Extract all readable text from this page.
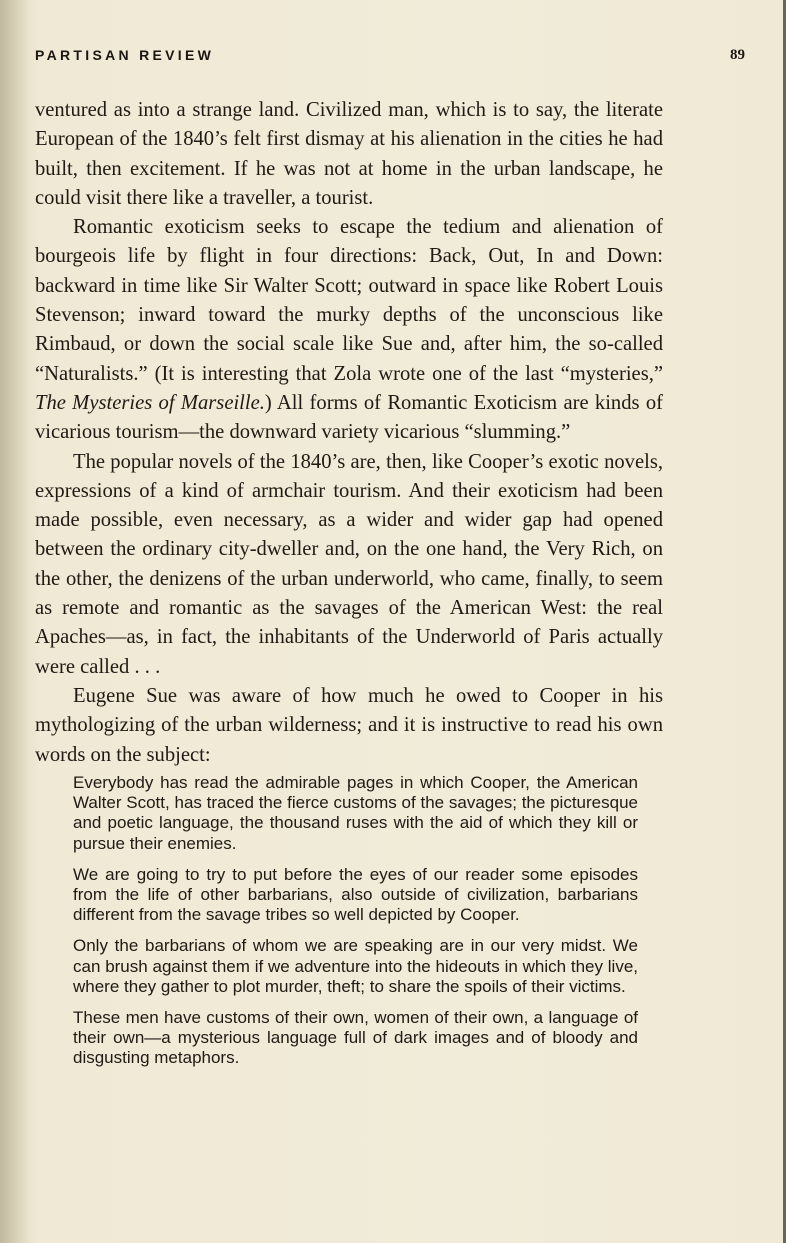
PARTISAN REVIEW	89

ventured as into a strange land. Civilized man, which is to say, the literate European of the 1840’s felt first dismay at his alienation in the cities he had built, then excitement. If he was not at home in the urban landscape, he could visit there like a traveller, a tourist.

Romantic exoticism seeks to escape the tedium and alienation of bourgeois life by flight in four directions: Back, Out, In and Down: backward in time like Sir Walter Scott; outward in space like Robert Louis Stevenson; inward toward the murky depths of the unconscious like Rimbaud, or down the social scale like Sue and, after him, the so-called “Naturalists.” (It is interesting that Zola wrote one of the last “mysteries,” The Mysteries of Marseille.) All forms of Romantic Exoticism are kinds of vicarious tourism—the downward variety vicarious “slumming.”

The popular novels of the 1840’s are, then, like Cooper’s exotic novels, expressions of a kind of armchair tourism. And their exoticism had been made possible, even necessary, as a wider and wider gap had opened between the ordinary city-dweller and, on the one hand, the Very Rich, on the other, the denizens of the urban underworld, who came, finally, to seem as remote and romantic as the savages of the American West: the real Apaches—as, in fact, the inhabitants of the Underworld of Paris actually were called . . .

Eugene Sue was aware of how much he owed to Cooper in his mythologizing of the urban wilderness; and it is instructive to read his own words on the subject:

Everybody has read the admirable pages in which Cooper, the American Walter Scott, has traced the fierce customs of the savages; the picturesque and poetic language, the thousand ruses with the aid of which they kill or pursue their enemies.

We are going to try to put before the eyes of our reader some episodes from the life of other barbarians, also outside of civilization, barbarians different from the savage tribes so well depicted by Cooper.

Only the barbarians of whom we are speaking are in our very midst. We can brush against them if we adventure into the hideouts in which they live, where they gather to plot murder, theft; to share the spoils of their victims.

These men have customs of their own, women of their own, a language of their own—a mysterious language full of dark images and of bloody and disgusting metaphors.
